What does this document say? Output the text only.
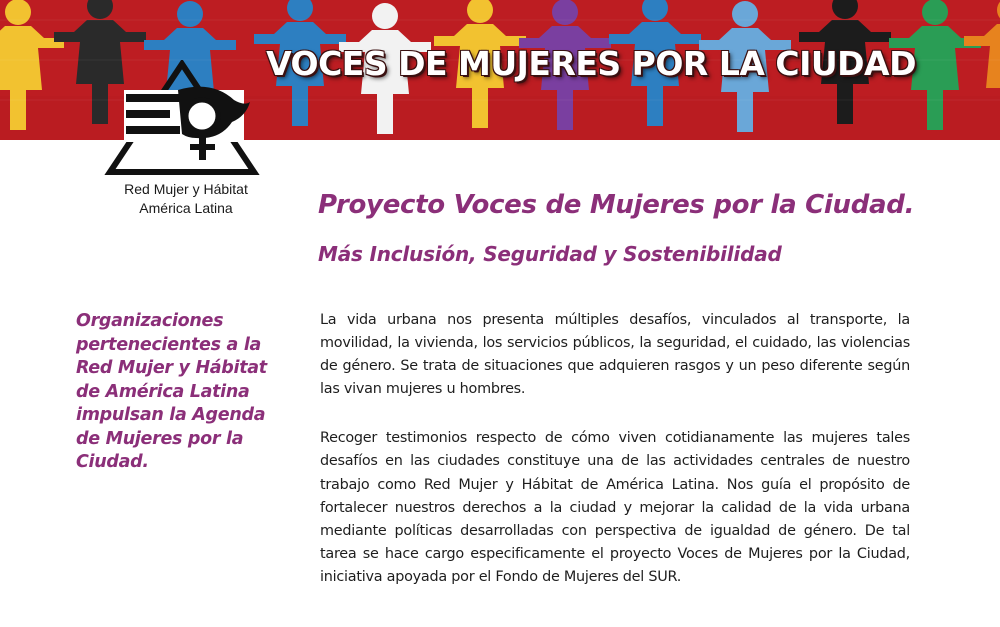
VOCES DE MUJERES POR LA CIUDAD
Red Mujer y Hábitat
América Latina	Proyecto Voces de Mujeres por la Ciudad.
Más Inclusión, Seguridad y Sostenibilidad

Organizaciones pertenecientes a la Red Mujer y Hábitat de América Latina impulsan la Agenda de Mujeres por la Ciudad.

La vida urbana nos presenta múltiples desafíos, vinculados al transporte, la movilidad, la vivienda, los servicios públicos, la seguridad, el cuidado, las violencias de género. Se trata de situaciones que adquieren rasgos y un peso diferente según las vivan mujeres u hombres.

Recoger testimonios respecto de cómo viven cotidianamente las mujeres tales desafíos en las ciudades constituye una de las actividades centrales de nuestro trabajo como Red Mujer y Hábitat de América Latina. Nos guía el propósito de fortalecer nuestros derechos a la ciudad y mejorar la calidad de la vida urbana mediante políticas desarrolladas con perspectiva de igualdad de género. De tal tarea se hace cargo especificamente el proyecto Voces de Mujeres por la Ciudad, iniciativa apoyada por el Fondo de Mujeres del SUR.
